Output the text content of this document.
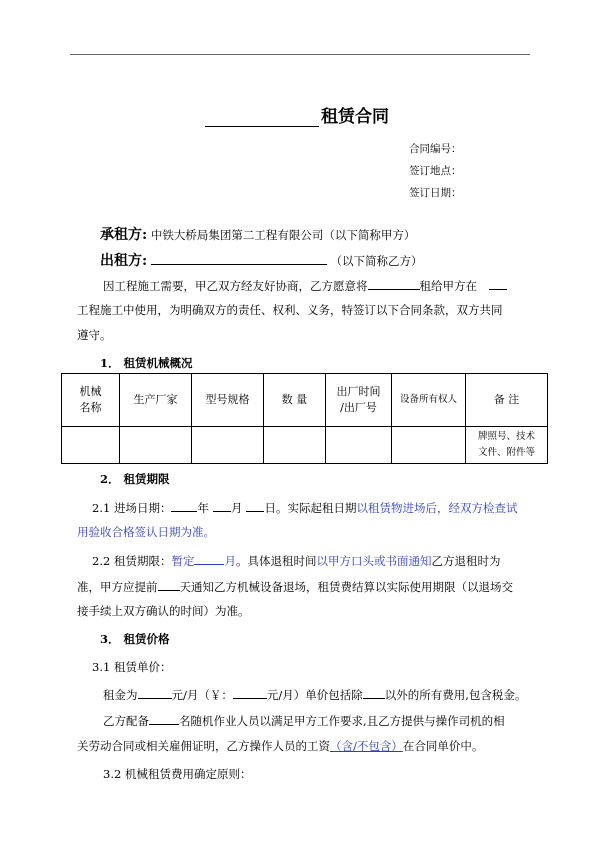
租赁合同
合同编号：
签订地点：
签订日期：
承租方: 中铁大桥局集团第二工程有限公司（以下简称甲方）
出租方:	（以下简称乙方）
因工程施工需要，甲乙双方经友好协商，乙方愿意将	租给甲方在
工程施工中使用，为明确双方的责任、权利、义务，特签订以下合同条款，双方共同
遵守。
1． 租赁机械概况
机械
名称	生产厂家	型号规格	数 量	出厂时间
/出厂号	设备所有权人	备 注
						牌照号、技术
文件、附件等
2． 租赁期限
2.1 进场日期： 年 月 日。实际起租日期以租赁物进场后，经双方检查试
用验收合格签认日期为准。
2.2 租赁期限：暂定	月。具体退租时间以甲方口头或书面通知乙方退租时为
准，甲方应提前 天通知乙方机械设备退场，租赁费结算以实际使用期限（以退场交
接手续上双方确认的时间）为准。
3． 租赁价格
3.1 租赁单价：
租金为	元/月（￥：	元/月）单价包括除 以外的所有费用,包含税金。
乙方配备	名随机作业人员以满足甲方工作要求,且乙方提供与操作司机的相
关劳动合同或相关雇佣证明，乙方操作人员的工资（含/不包含）在合同单价中。
3.2 机械租赁费用确定原则：
